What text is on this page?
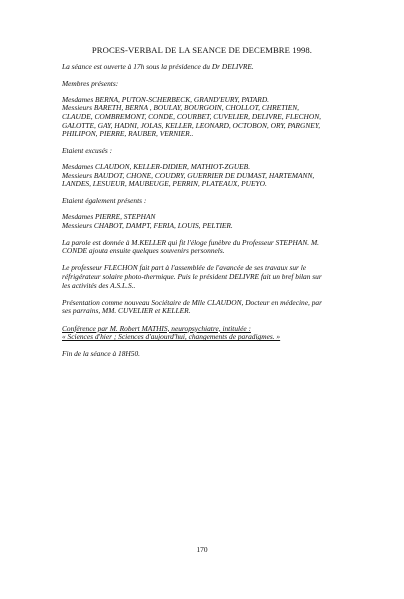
PROCES-VERBAL DE LA SEANCE DE DECEMBRE 1998.

La séance est ouverte à 17h sous la présidence du Dr DELIVRE.

Membres présents:

Mesdames BERNA, PUTON-SCHERBECK, GRAND'EURY, PATARD.

Messieurs BARETH, BERNA , BOULAY, BOURGOIN, CHOLLOT, CHRETIEN,

CLAUDE, COMBREMONT, CONDE, COURBET, CUVELIER, DELIVRE, FLECHON,

GALOTTE, GAY, HADNI, JOLAS, KELLER, LEONARD, OCTOBON, ORY, PARGNEY,

PHILIPON, PIERRE, RAUBER, VERNIER..

Etaient excusés :

Mesdames CLAUDON, KELLER-DIDIER, MATHIOT-ZGUEB.

Messieurs BAUDOT, CHONE, COUDRY, GUERRIER DE DUMAST, HARTEMANN,

LANDES, LESUEUR, MAUBEUGE, PERRIN, PLATEAUX, PUEYO.

Etaient également présents :

Mesdames PIERRE, STEPHAN

Messieurs CHABOT, DAMPT, FERIA, LOUIS, PELTIER.

La parole est donnée à M.KELLER qui fit l'éloge funèbre du Professeur STEPHAN. M.

CONDE ajouta ensuite quelques souvenirs personnels.

Le professeur FLECHON fait part à l'assemblée de l'avancée de ses travaux sur le

réfrigérateur solaire photo-thermique. Puis le président DELIVRE fait un bref bilan sur

les activités des A.S.L.S..

Présentation comme nouveau Sociétaire de Mlle CLAUDON, Docteur en médecine, par

ses parrains, MM. CUVELIER et KELLER.

Conférence par M. Robert MATHIS, neuropsychiatre, intitulée :

« Sciences d'hier ; Sciences d'aujourd'hui, changements de paradigmes. »

Fin de la séance à 18H50.

170
